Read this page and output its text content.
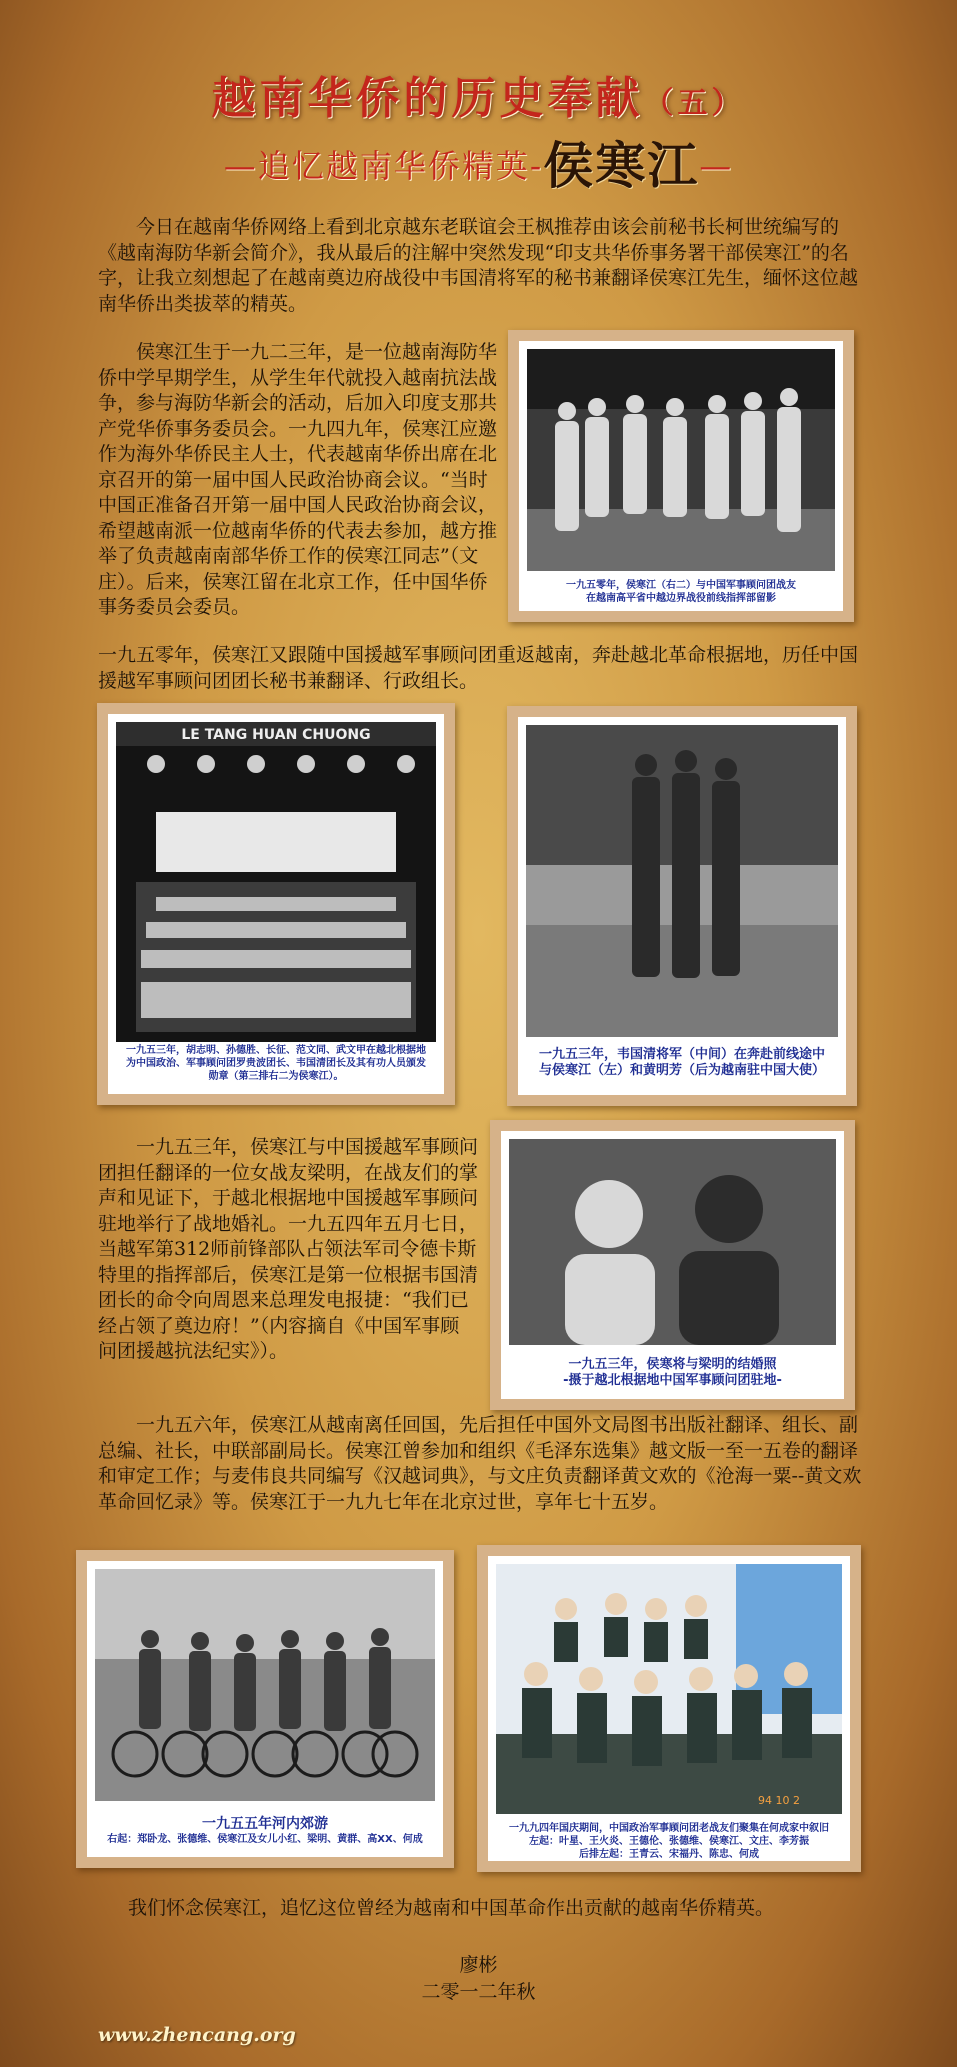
越南华侨的历史奉献（五）
—追忆越南华侨精英-侯寒江—

今日在越南华侨网络上看到北京越东老联谊会王枫推荐由该会前秘书长柯世统编写的《越南海防华新会简介》，我从最后的注解中突然发现“印支共华侨事务署干部侯寒江”的名字，让我立刻想起了在越南奠边府战役中韦国清将军的秘书兼翻译侯寒江先生，缅怀这位越南华侨出类拔萃的精英。

侯寒江生于一九二三年，是一位越南海防华侨中学早期学生，从学生年代就投入越南抗法战争，参与海防华新会的活动，后加入印度支那共产党华侨事务委员会。一九四九年，侯寒江应邀作为海外华侨民主人士，代表越南华侨出席在北京召开的第一届中国人民政治协商会议。“当时中国正准备召开第一届中国人民政治协商会议，希望越南派一位越南华侨的代表去参加，越方推举了负责越南南部华侨工作的侯寒江同志”（文庄）。后来，侯寒江留在北京工作，任中国华侨事务委员会委员。

一九五零年，侯寒江又跟随中国援越军事顾问团重返越南，奔赴越北革命根据地，历任中国援越军事顾问团团长秘书兼翻译、行政组长。

一九五零年，侯寒江（右二）与中国军事顾问团战友
在越南高平省中越边界战役前线指挥部留影
LE TANG HUAN CHUONG
一九五三年，胡志明、孙德胜、长征、范文同、武文甲在越北根据地
为中国政治、军事顾问团罗贵波团长、韦国清团长及其有功人员颁发
勋章（第三排右二为侯寒江）。
一九五三年，韦国清将军（中间）在奔赴前线途中
与侯寒江（左）和黄明芳（后为越南驻中国大使）

一九五三年，侯寒江与中国援越军事顾问团担任翻译的一位女战友梁明，在战友们的掌声和见证下，于越北根据地中国援越军事顾问驻地举行了战地婚礼。一九五四年五月七日，当越军第312师前锋部队占领法军司令德卡斯特里的指挥部后，侯寒江是第一位根据韦国清团长的命令向周恩来总理发电报捷：“我们已经占领了奠边府！”（内容摘自《中国军事顾问团援越抗法纪实》）。

一九五三年，侯寒将与梁明的结婚照
-摄于越北根据地中国军事顾问团驻地-

一九五六年，侯寒江从越南离任回国，先后担任中国外文局图书出版社翻译、组长、副总编、社长，中联部副局长。侯寒江曾参加和组织《毛泽东选集》越文版一至一五卷的翻译和审定工作；与麦伟良共同编写《汉越词典》，与文庄负责翻译黄文欢的《沧海一粟--黄文欢革命回忆录》等。侯寒江于一九九七年在北京过世，享年七十五岁。

一九五五年河内郊游
右起：郑卧龙、张德维、侯寒江及女儿小红、梁明、黄群、高XX、何成
94 10 2
一九九四年国庆期间，中国政治军事顾问团老战友们聚集在何成家中叙旧
左起：叶星、王火炎、王德伦、张德维、侯寒江、文庄、李芳振
后排左起：王青云、宋福丹、陈忠、何成

我们怀念侯寒江，追忆这位曾经为越南和中国革命作出贡献的越南华侨精英。

廖彬
二零一二年秋
www.zhencang.org
